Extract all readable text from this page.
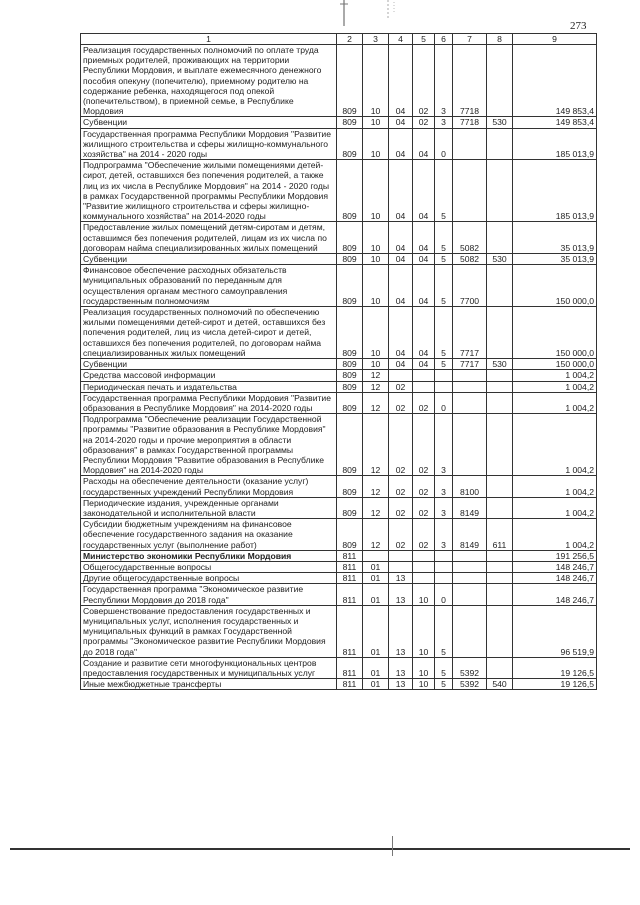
273
1	2	3	4	5	6	7	8	9
Реализация государственных полномочий по оплате труда приемных родителей, проживающих на территории Республики Мордовия, и выплате ежемесячного денежного пособия опекуну (попечителю), приемному родителю на содержание ребенка, находящегося под опекой (попечительством), в приемной семье, в Республике Мордовия	809	10	04	02	3	7718		149 853,4
Субвенции	809	10	04	02	3	7718	530	149 853,4
Государственная программа Республики Мордовия "Развитие жилищного строительства и сферы жилищно-коммунального хозяйства" на 2014 - 2020 годы	809	10	04	04	0			185 013,9
Подпрограмма "Обеспечение жилыми помещениями детей-сирот, детей, оставшихся без попечения родителей, а также лиц из их числа в Республике Мордовия" на 2014 - 2020 годы в рамках Государственной программы Республики Мордовия "Развитие жилищного строительства и сферы жилищно-коммунального хозяйства" на 2014-2020 годы	809	10	04	04	5			185 013,9
Предоставление жилых помещений детям-сиротам и детям, оставшимся без попечения родителей, лицам из их числа по договорам найма специализированных жилых помещений	809	10	04	04	5	5082		35 013,9
Субвенции	809	10	04	04	5	5082	530	35 013,9
Финансовое обеспечение расходных обязательств муниципальных образований по переданным для осуществления органам местного самоуправления государственным полномочиям	809	10	04	04	5	7700		150 000,0
Реализация государственных полномочий по обеспечению жилыми помещениями детей-сирот и детей, оставшихся без попечения родителей, лиц из числа детей-сирот и детей, оставшихся без попечения родителей, по договорам найма специализированных жилых помещений	809	10	04	04	5	7717		150 000,0
Субвенции	809	10	04	04	5	7717	530	150 000,0
Средства массовой информации	809	12						1 004,2
Периодическая печать и издательства	809	12	02					1 004,2
Государственная программа Республики Мордовия "Развитие образования в Республике Мордовия" на 2014-2020 годы	809	12	02	02	0			1 004,2
Подпрограмма "Обеспечение реализации Государственной программы "Развитие образования в Республике Мордовия" на 2014-2020 годы и прочие мероприятия в области образования" в рамках Государственной программы Республики Мордовия "Развитие образования в Республике Мордовия" на 2014-2020 годы	809	12	02	02	3			1 004,2
Расходы на обеспечение деятельности (оказание услуг) государственных учреждений Республики Мордовия	809	12	02	02	3	8100		1 004,2
Периодические издания, учрежденные органами законодательной и исполнительной власти	809	12	02	02	3	8149		1 004,2
Субсидии бюджетным учреждениям на финансовое обеспечение государственного задания на оказание государственных услуг (выполнение работ)	809	12	02	02	3	8149	611	1 004,2
Министерство экономики Республики Мордовия	811							191 256,5
Общегосударственные вопросы	811	01						148 246,7
Другие общегосударственные вопросы	811	01	13					148 246,7
Государственная программа "Экономическое развитие Республики Мордовия до 2018 года"	811	01	13	10	0			148 246,7
Совершенствование предоставления государственных и муниципальных услуг, исполнения государственных и муниципальных функций в рамках Государственной программы "Экономическое развитие Республики Мордовия до 2018 года"	811	01	13	10	5			96 519,9
Создание и развитие сети многофункциональных центров предоставления государственных и муниципальных услуг	811	01	13	10	5	5392		19 126,5
Иные межбюджетные трансферты	811	01	13	10	5	5392	540	19 126,5
